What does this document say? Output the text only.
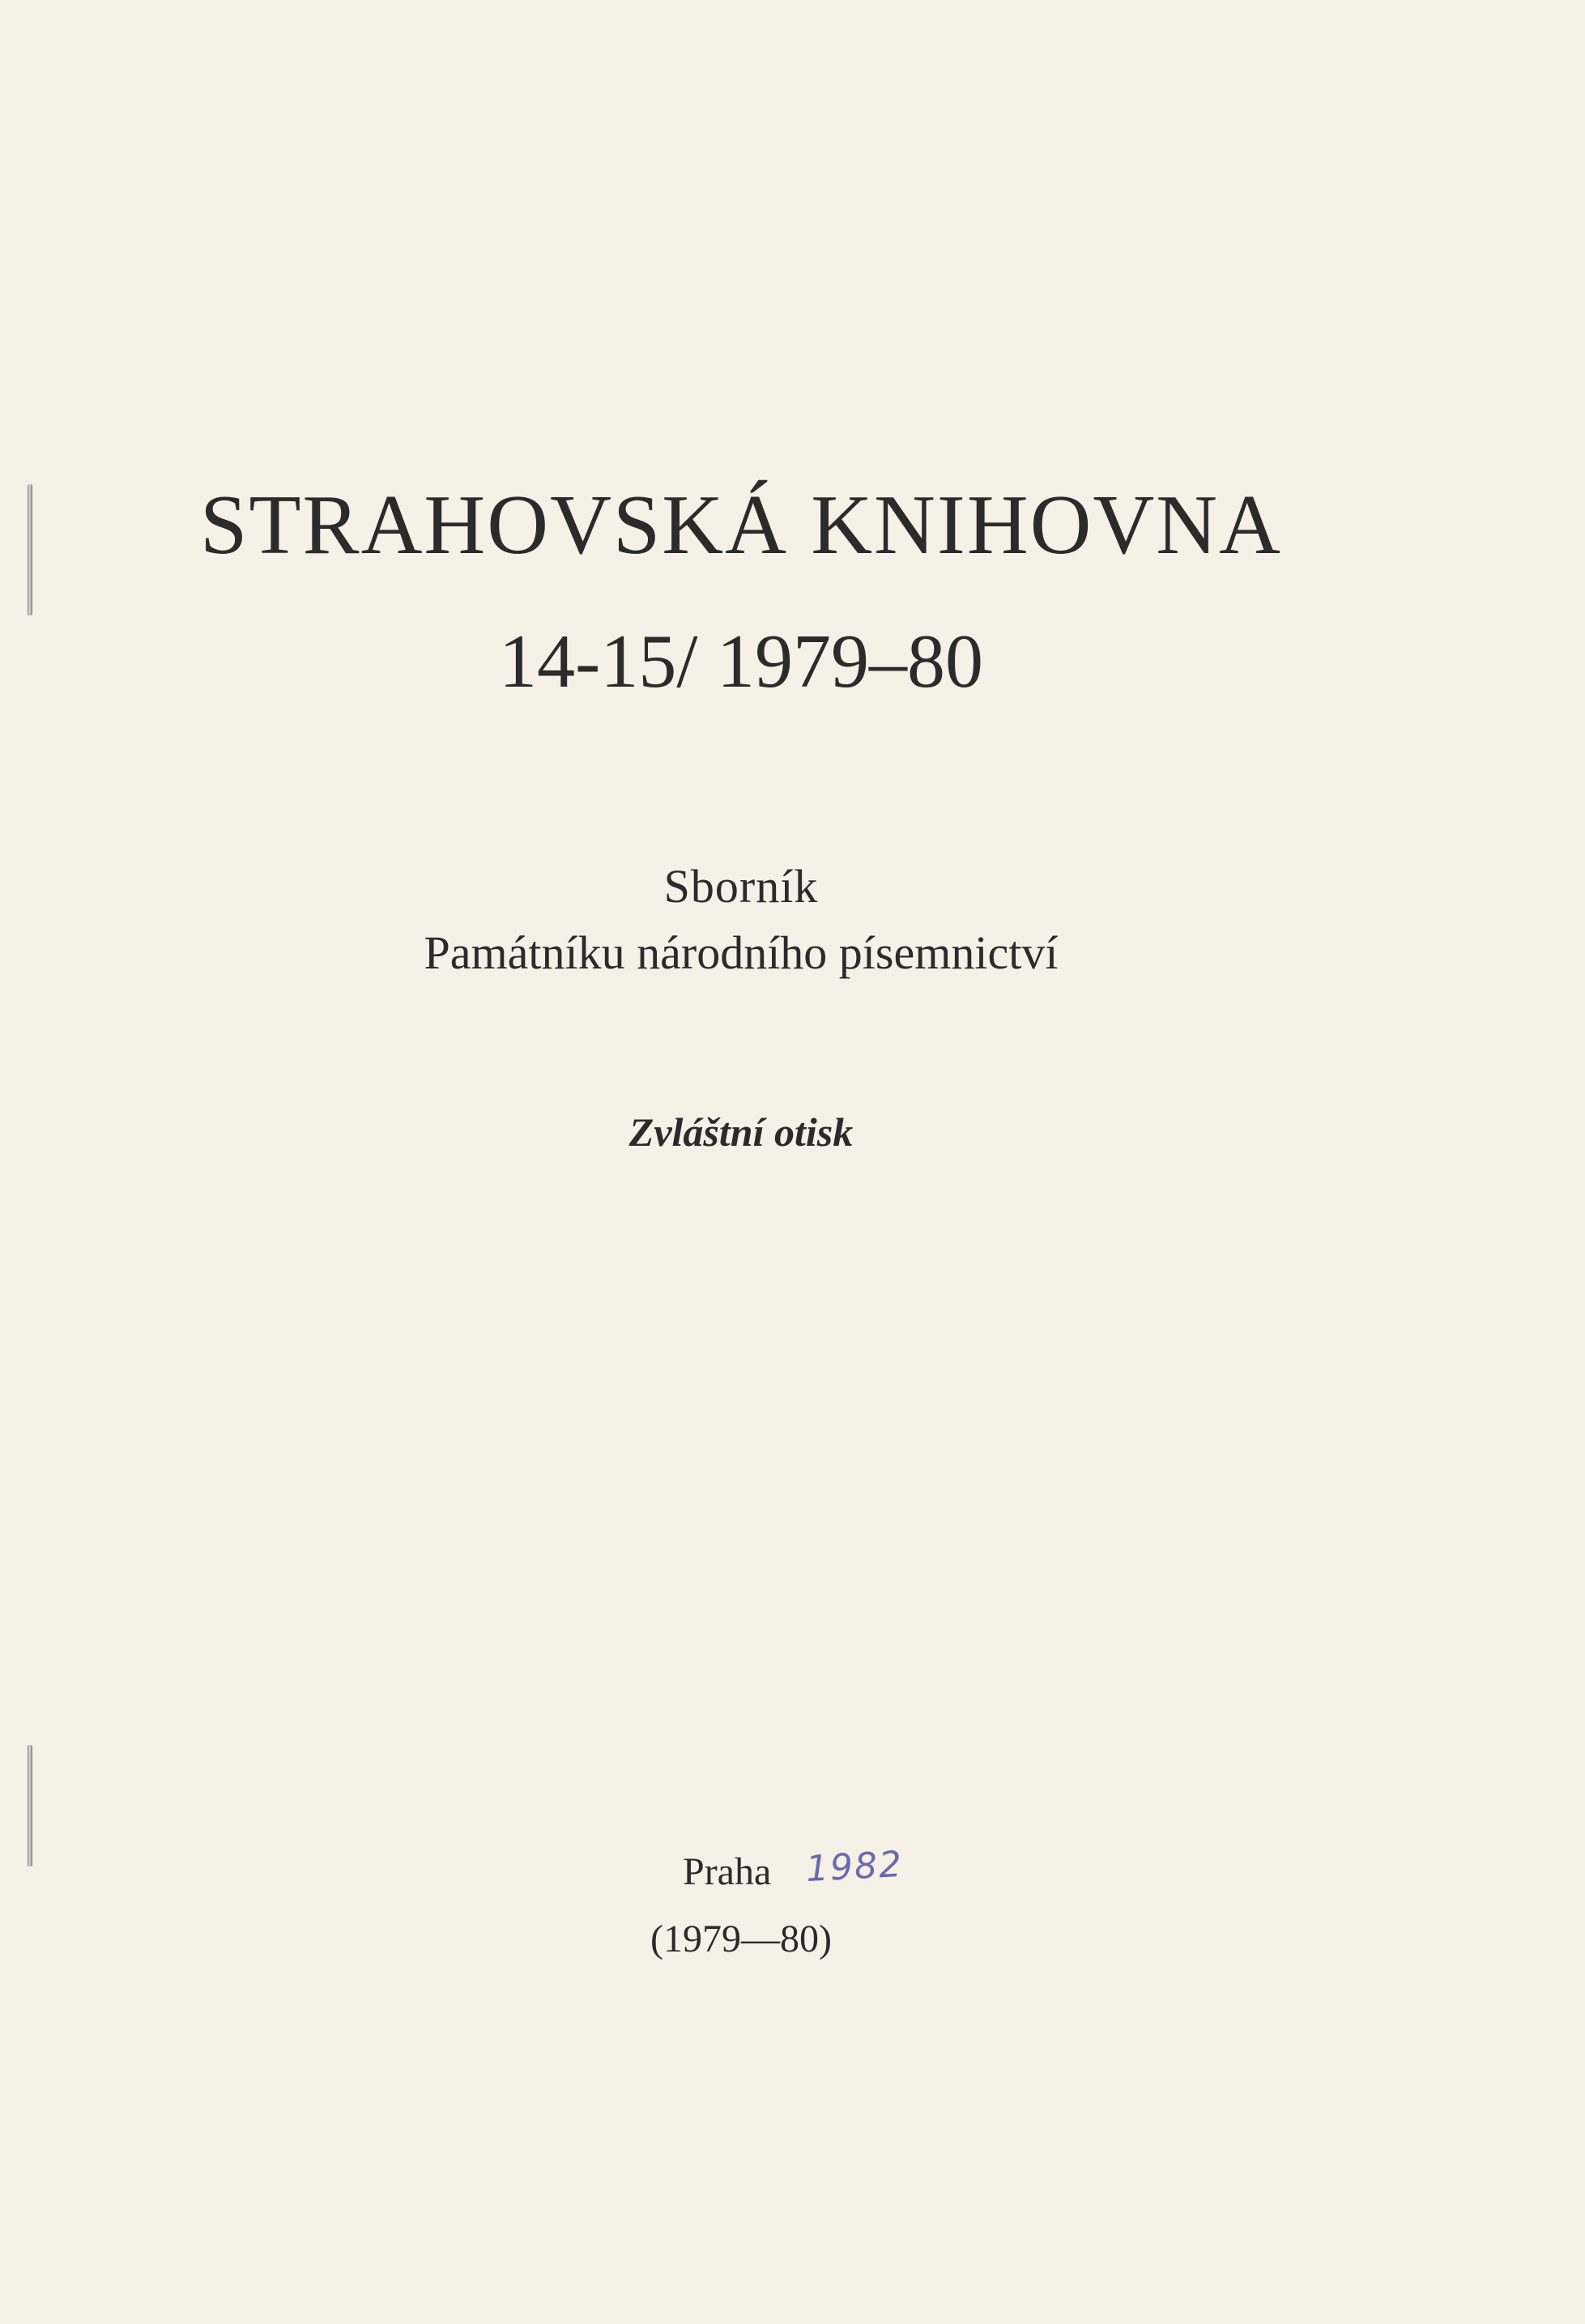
STRAHOVSKÁ KNIHOVNA
14-15/ 1979–80
Sborník
Památníku národního písemnictví
Zvláštní otisk
Praha 1982
(1979—80)
